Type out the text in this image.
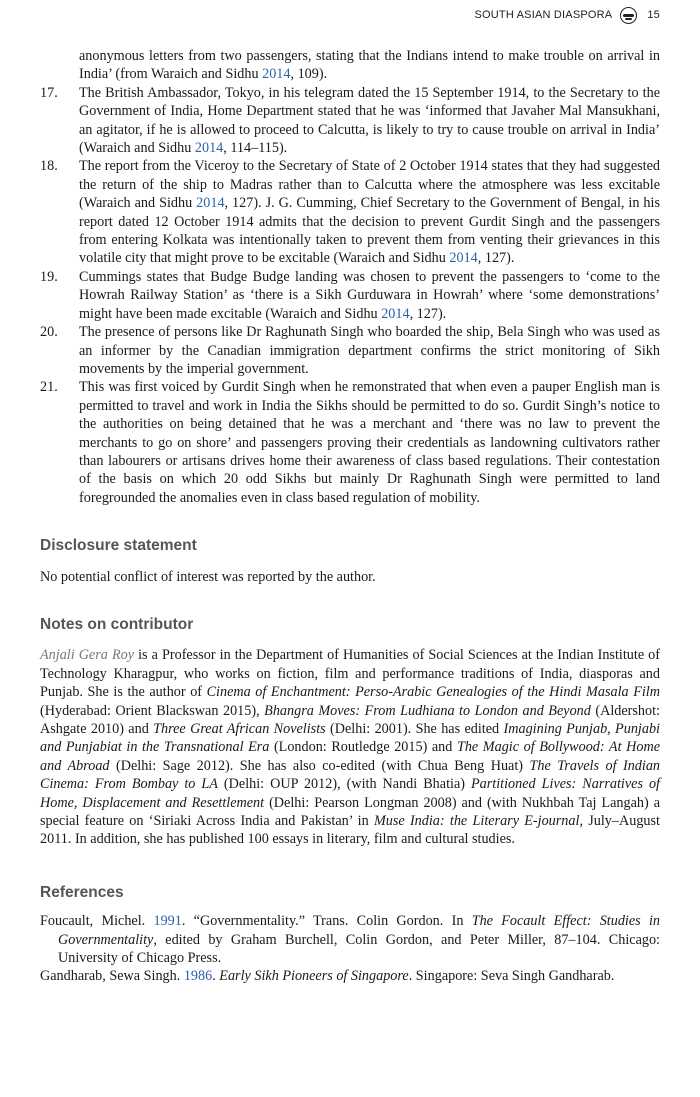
SOUTH ASIAN DIASPORA	15
anonymous letters from two passengers, stating that the Indians intend to make trouble on arrival in India’ (from Waraich and Sidhu 2014, 109).
17.	The British Ambassador, Tokyo, in his telegram dated the 15 September 1914, to the Secretary to the Government of India, Home Department stated that he was ‘informed that Javaher Mal Mansukhani, an agitator, if he is allowed to proceed to Calcutta, is likely to try to cause trouble on arrival in India’ (Waraich and Sidhu 2014, 114–115).
18.	The report from the Viceroy to the Secretary of State of 2 October 1914 states that they had suggested the return of the ship to Madras rather than to Calcutta where the atmosphere was less excitable (Waraich and Sidhu 2014, 127). J. G. Cumming, Chief Secretary to the Government of Bengal, in his report dated 12 October 1914 admits that the decision to prevent Gurdit Singh and the passengers from entering Kolkata was intentionally taken to prevent them from venting their grievances in this volatile city that might prove to be excitable (Waraich and Sidhu 2014, 127).
19.	Cummings states that Budge Budge landing was chosen to prevent the passengers to ‘come to the Howrah Railway Station’ as ‘there is a Sikh Gurduwara in Howrah’ where ‘some demonstrations’ might have been made excitable (Waraich and Sidhu 2014, 127).
20.	The presence of persons like Dr Raghunath Singh who boarded the ship, Bela Singh who was used as an informer by the Canadian immigration department confirms the strict monitoring of Sikh movements by the imperial government.
21.	This was first voiced by Gurdit Singh when he remonstrated that when even a pauper English man is permitted to travel and work in India the Sikhs should be permitted to do so. Gurdit Singh’s notice to the authorities on being detained that he was a merchant and ‘there was no law to prevent the merchants to go on shore’ and passengers proving their credentials as landowning cultivators rather than labourers or artisans drives home their awareness of class based regulations. Their contestation of the basis on which 20 odd Sikhs but mainly Dr Raghunath Singh were permitted to land foregrounded the anomalies even in class based regulation of mobility.
Disclosure statement

No potential conflict of interest was reported by the author.

Notes on contributor

Anjali Gera Roy is a Professor in the Department of Humanities of Social Sciences at the Indian Institute of Technology Kharagpur, who works on fiction, film and performance traditions of India, diasporas and Punjab. She is the author of Cinema of Enchantment: Perso-Arabic Genealogies of the Hindi Masala Film (Hyderabad: Orient Blackswan 2015), Bhangra Moves: From Ludhiana to London and Beyond (Aldershot: Ashgate 2010) and Three Great African Novelists (Delhi: 2001). She has edited Imagining Punjab, Punjabi and Punjabiat in the Transnational Era (London: Routledge 2015) and The Magic of Bollywood: At Home and Abroad (Delhi: Sage 2012). She has also co-edited (with Chua Beng Huat) The Travels of Indian Cinema: From Bombay to LA (Delhi: OUP 2012), (with Nandi Bhatia) Partitioned Lives: Narratives of Home, Displacement and Resettlement (Delhi: Pearson Longman 2008) and (with Nukhbah Taj Langah) a special feature on ‘Siriaki Across India and Pakistan’ in Muse India: the Literary E-journal, July–August 2011. In addition, she has published 100 essays in literary, film and cultural studies.

References

Foucault, Michel. 1991. “Governmentality.” Trans. Colin Gordon. In The Focault Effect: Studies in Governmentality, edited by Graham Burchell, Colin Gordon, and Peter Miller, 87–104. Chicago: University of Chicago Press.

Gandharab, Sewa Singh. 1986. Early Sikh Pioneers of Singapore. Singapore: Seva Singh Gandharab.
